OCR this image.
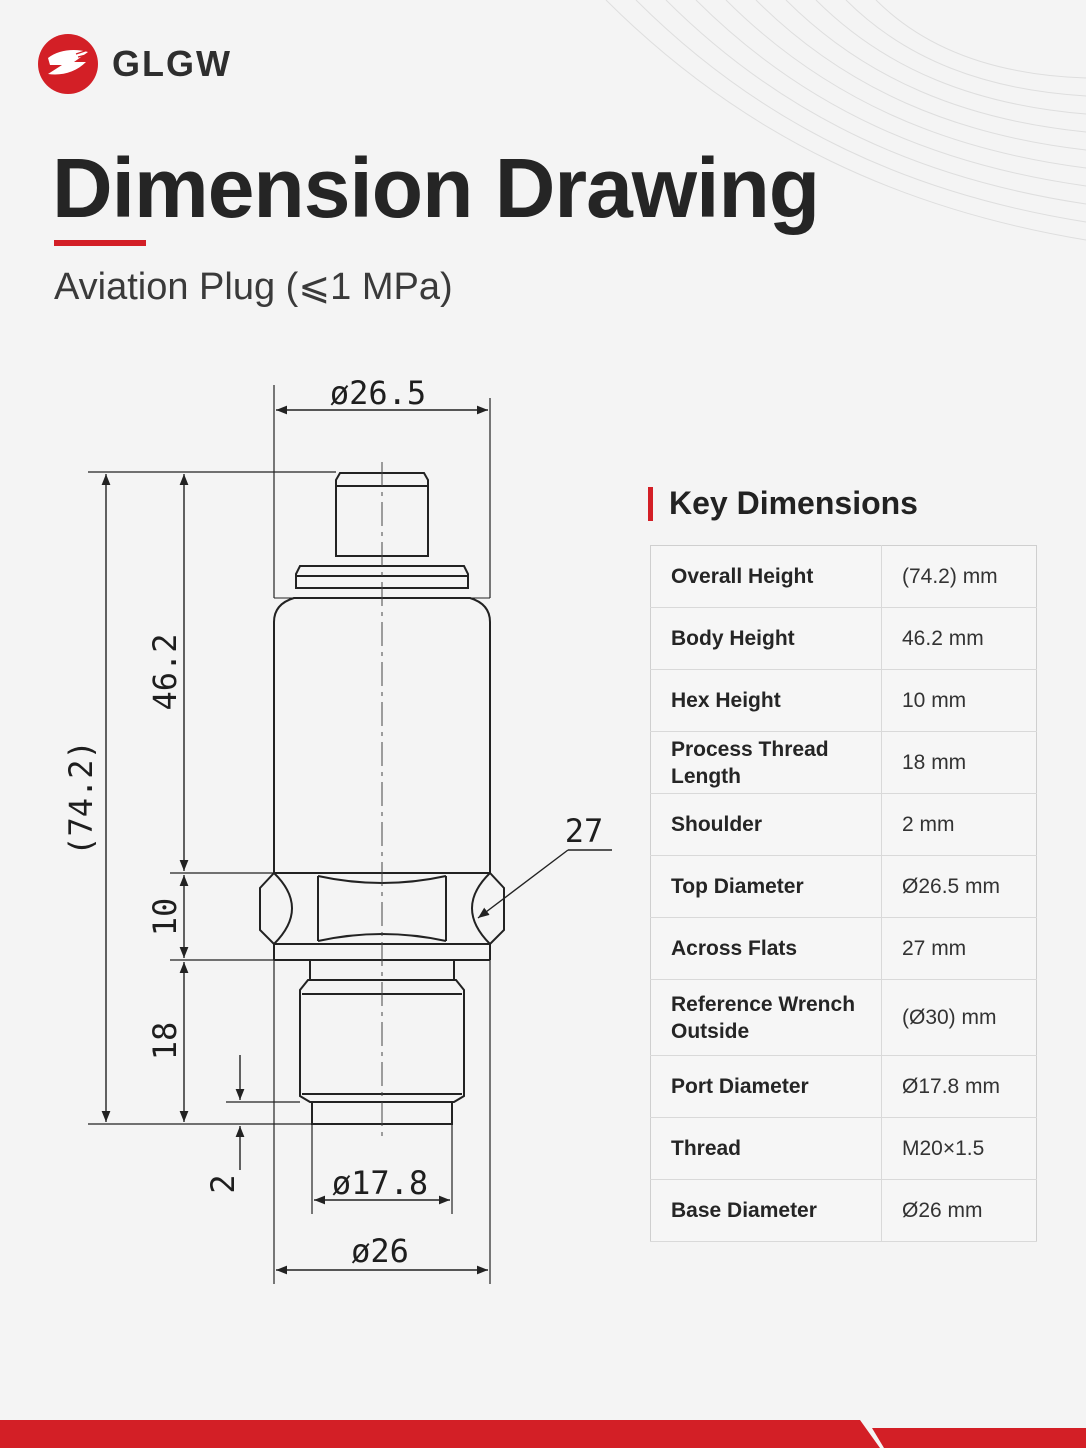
GLGW
Dimension Drawing
Aviation Plug (⩽1 MPa)
ø26.5
(74.2)
46.2
10
18
2
27
ø17.8
ø26
Key Dimensions
Overall Height	(74.2) mm
Body Height	46.2 mm
Hex Height	10 mm
Process Thread Length	18 mm
Shoulder	2 mm
Top Diameter	Ø26.5 mm
Across Flats	27 mm
Reference Wrench Outside	(Ø30) mm
Port Diameter	Ø17.8 mm
Thread	M20×1.5
Base Diameter	Ø26 mm
